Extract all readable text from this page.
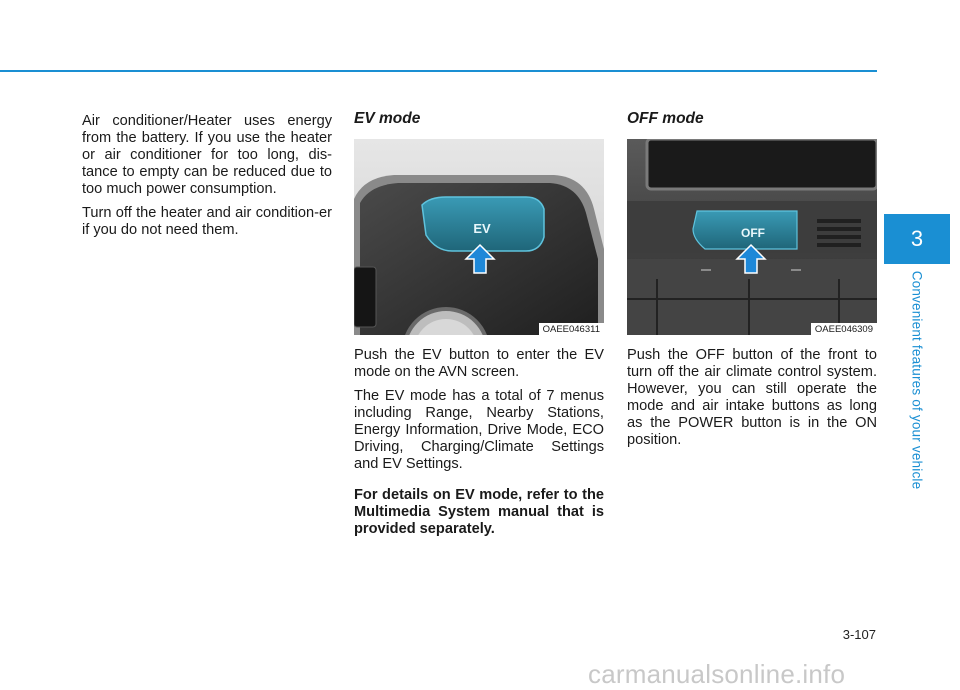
Air conditioner/Heater uses energy from the battery. If you use the heater or air conditioner for too long, dis-tance to empty can be reduced due to too much power consumption.

Turn off the heater and air condition-er if you do not need them.

EV mode
EV
OAEE046311

Push the EV button to enter the EV mode on the AVN screen.

The EV mode has a total of 7 menus including Range, Nearby Stations, Energy Information, Drive Mode, ECO Driving, Charging/Climate Settings and EV Settings.

For details on EV mode, refer to the Multimedia System manual that is provided separately.

OFF mode
OFF
OAEE046309

Push the OFF button of the front to turn off the air climate control system. However, you can still operate the mode and air intake buttons as long as the POWER button is in the ON position.

3
Convenient features of your vehicle
3-107
carmanualsonline.info
